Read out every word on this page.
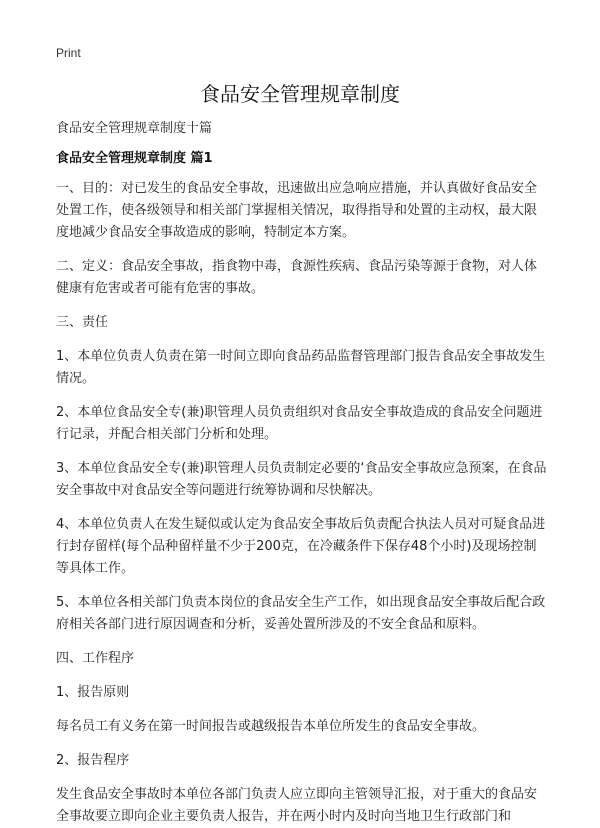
Print
食品安全管理规章制度

食品安全管理规章制度十篇

食品安全管理规章制度 篇1

一、目的：对已发生的食品安全事故，迅速做出应急响应措施，并认真做好食品安全处置工作，使各级领导和相关部门掌握相关情况，取得指导和处置的主动权，最大限度地减少食品安全事故造成的影响，特制定本方案。

二、定义：食品安全事故，指食物中毒，食源性疾病、食品污染等源于食物，对人体健康有危害或者可能有危害的事故。

三、责任

1、本单位负责人负责在第一时间立即向食品药品监督管理部门报告食品安全事故发生情况。

2、本单位食品安全专(兼)职管理人员负责组织对食品安全事故造成的食品安全问题进行记录，并配合相关部门分析和处理。

3、本单位食品安全专(兼)职管理人员负责制定必要的‘食品安全事故应急预案，在食品安全事故中对食品安全等问题进行统筹协调和尽快解决。

4、本单位负责人在发生疑似或认定为食品安全事故后负责配合执法人员对可疑食品进行封存留样(每个品种留样量不少于200克，在冷藏条件下保存48个小时)及现场控制等具体工作。

5、本单位各相关部门负责本岗位的食品安全生产工作，如出现食品安全事故后配合政府相关各部门进行原因调查和分析，妥善处置所涉及的不安全食品和原料。

四、工作程序

1、报告原则

每名员工有义务在第一时间报告或越级报告本单位所发生的食品安全事故。

2、报告程序

发生食品安全事故时本单位各部门负责人应立即向主管领导汇报，对于重大的食品安全事故要立即向企业主要负责人报告，并在两小时内及时向当地卫生行政部门和
